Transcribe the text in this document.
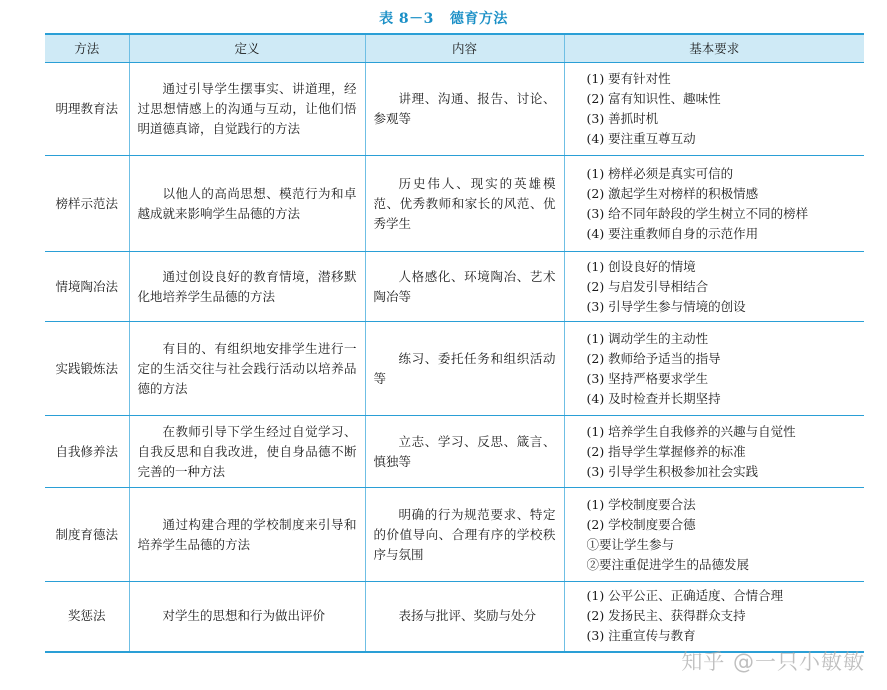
表 8－3 德育方法
方法	定义	内容	基本要求
明理教育法	通过引导学生摆事实、讲道理，经过思想情感上的沟通与互动，让他们悟明道德真谛，自觉践行的方法	讲理、沟通、报告、讨论、参观等	(1) 要有针对性
(2) 富有知识性、趣味性
(3) 善抓时机
(4) 要注重互尊互动

榜样示范法	以他人的高尚思想、模范行为和卓越成就来影响学生品德的方法	历史伟人、现实的英雄模范、优秀教师和家长的风范、优秀学生	(1) 榜样必须是真实可信的
(2) 激起学生对榜样的积极情感
(3) 给不同年龄段的学生树立不同的榜样
(4) 要注重教师自身的示范作用

情境陶冶法	通过创设良好的教育情境，潜移默化地培养学生品德的方法	人格感化、环境陶冶、艺术陶冶等	(1) 创设良好的情境
(2) 与启发引导相结合
(3) 引导学生参与情境的创设

实践锻炼法	有目的、有组织地安排学生进行一定的生活交往与社会践行活动以培养品德的方法	练习、委托任务和组织活动等	(1) 调动学生的主动性
(2) 教师给予适当的指导
(3) 坚持严格要求学生
(4) 及时检查并长期坚持

自我修养法	在教师引导下学生经过自觉学习、自我反思和自我改进，使自身品德不断完善的一种方法	立志、学习、反思、箴言、慎独等	(1) 培养学生自我修养的兴趣与自觉性
(2) 指导学生掌握修养的标准
(3) 引导学生积极参加社会实践

制度育德法	通过构建合理的学校制度来引导和培养学生品德的方法	明确的行为规范要求、特定的价值导向、合理有序的学校秩序与氛围	(1) 学校制度要合法
(2) 学校制度要合德
①要让学生参与
②要注重促进学生的品德发展

奖惩法	对学生的思想和行为做出评价	表扬与批评、奖励与处分	(1) 公平公正、正确适度、合情合理
(2) 发扬民主、获得群众支持
(3) 注重宣传与教育
知乎 @一只小敏敏
